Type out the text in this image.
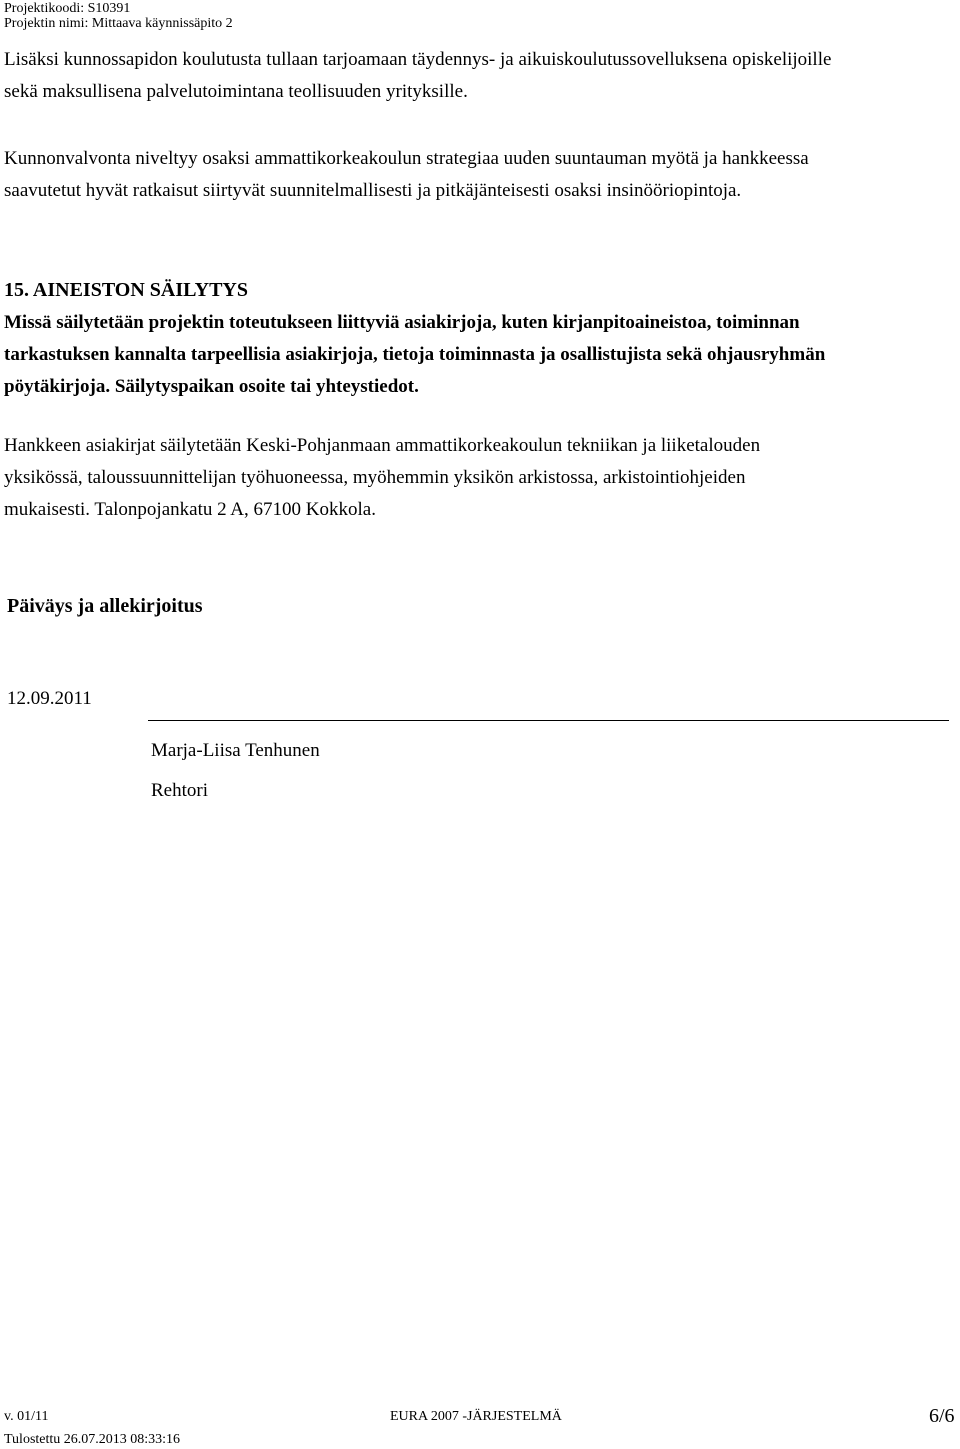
Projektikoodi: S10391
Projektin nimi: Mittaava käynnissäpito 2
Lisäksi kunnossapidon koulutusta tullaan tarjoamaan täydennys- ja aikuiskoulutussovelluksena opiskelijoille
sekä maksullisena palvelutoimintana teollisuuden yrityksille.
Kunnonvalvonta niveltyy osaksi ammattikorkeakoulun strategiaa uuden suuntauman myötä ja hankkeessa
saavutetut hyvät ratkaisut siirtyvät suunnitelmallisesti ja pitkäjänteisesti osaksi insinööriopintoja.
15. AINEISTON SÄILYTYS
Missä säilytetään projektin toteutukseen liittyviä asiakirjoja, kuten kirjanpitoaineistoa, toiminnan
tarkastuksen kannalta tarpeellisia asiakirjoja, tietoja toiminnasta ja osallistujista sekä ohjausryhmän
pöytäkirjoja. Säilytyspaikan osoite tai yhteystiedot.
Hankkeen asiakirjat säilytetään Keski-Pohjanmaan ammattikorkeakoulun tekniikan ja liiketalouden
yksikössä, taloussuunnittelijan työhuoneessa, myöhemmin yksikön arkistossa, arkistointiohjeiden
mukaisesti. Talonpojankatu 2 A, 67100 Kokkola.
Päiväys ja allekirjoitus
12.09.2011
Marja-Liisa Tenhunen
Rehtori
v. 01/11	EURA 2007 -JÄRJESTELMÄ	6/6
Tulostettu 26.07.2013 08:33:16
